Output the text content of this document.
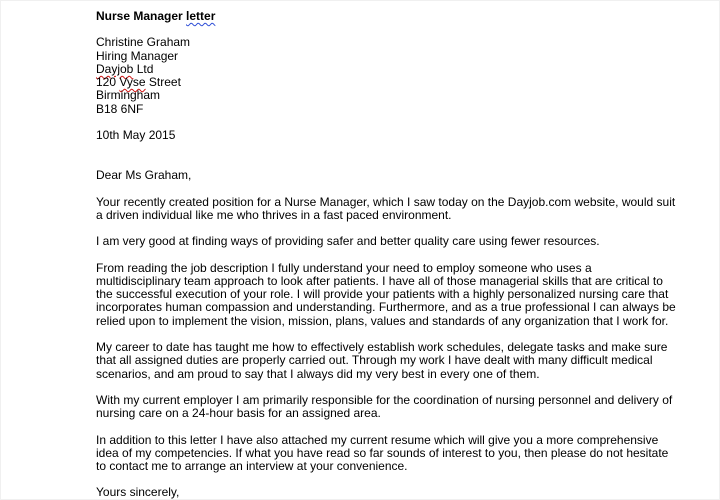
Nurse Manager letter
Christine Graham
Hiring Manager
Dayjob Ltd
120 Vyse Street
Birmingham
B18 6NF
10th May 2015
Dear Ms Graham,

Your recently created position for a Nurse Manager, which I saw today on the Dayjob.com website, would suit a driven individual like me who thrives in a fast paced environment.

I am very good at finding ways of providing safer and better quality care using fewer resources.

From reading the job description I fully understand your need to employ someone who uses a multidisciplinary team approach to look after patients. I have all of those managerial skills that are critical to the successful execution of your role. I will provide your patients with a highly personalized nursing care that incorporates human compassion and understanding. Furthermore, and as a true professional I can always be relied upon to implement the vision, mission, plans, values and standards of any organization that I work for.

My career to date has taught me how to effectively establish work schedules, delegate tasks and make sure that all assigned duties are properly carried out. Through my work I have dealt with many difficult medical scenarios, and am proud to say that I always did my very best in every one of them.

With my current employer I am primarily responsible for the coordination of nursing personnel and delivery of nursing care on a 24-hour basis for an assigned area.

In addition to this letter I have also attached my current resume which will give you a more comprehensive idea of my competencies. If what you have read so far sounds of interest to you, then please do not hesitate to contact me to arrange an interview at your convenience.

Yours sincerely,
